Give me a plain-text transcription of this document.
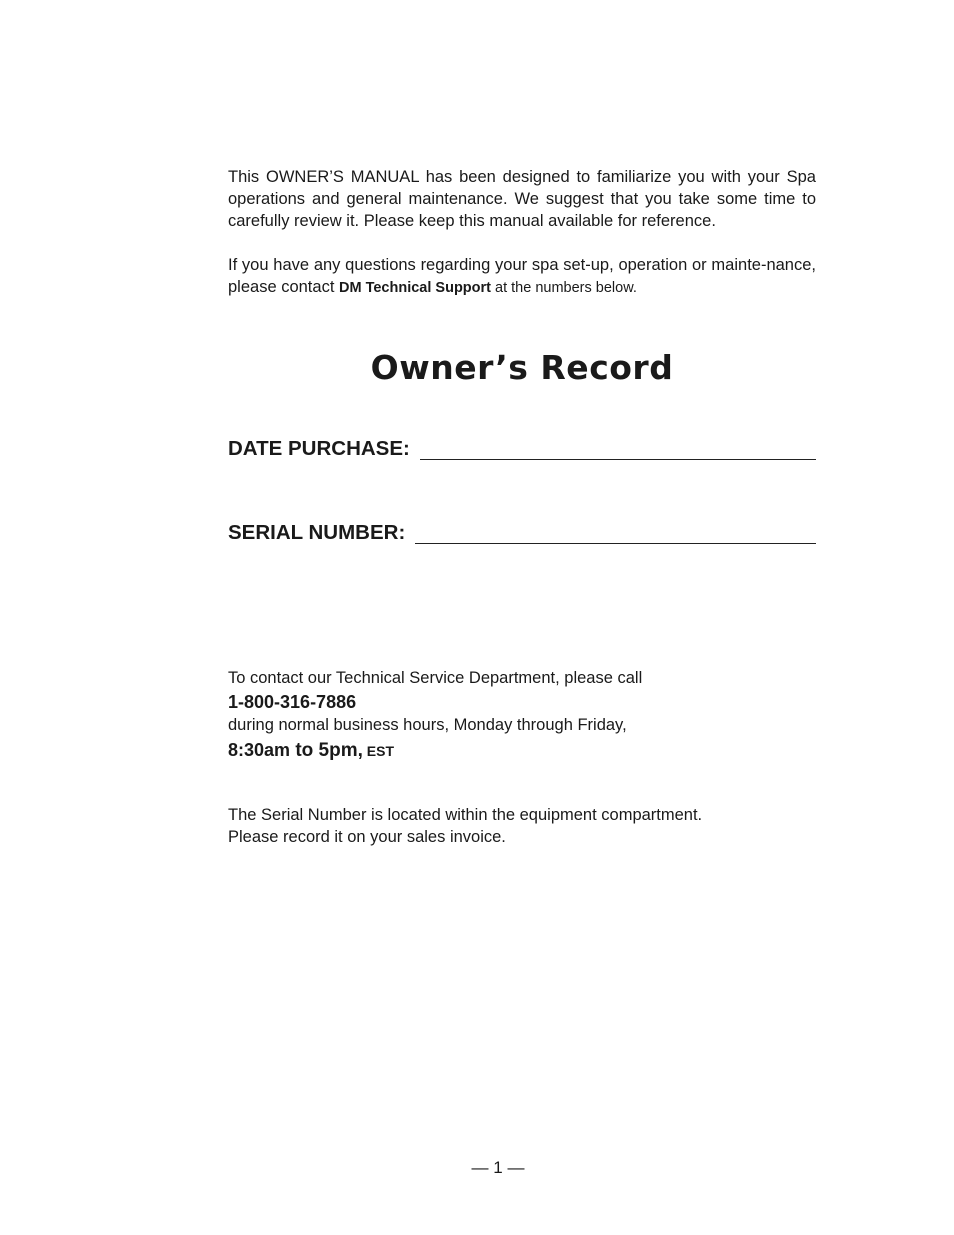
This OWNER’S MANUAL has been designed to familiarize you with your Spa operations and general maintenance. We suggest that you take some time to carefully review it. Please keep this manual available for reference.

If you have any questions regarding your spa set-up, operation or mainte-nance, please contact DM Technical Support at the numbers below.

Owner’s Record
DATE PURCHASE:
SERIAL NUMBER:

To contact our Technical Service Department, please call

1-800-316-7886

during normal business hours, Monday through Friday,

8:30am to 5pm, EST

The Serial Number is located within the equipment compartment.

Please record it on your sales invoice.

— 1 —
